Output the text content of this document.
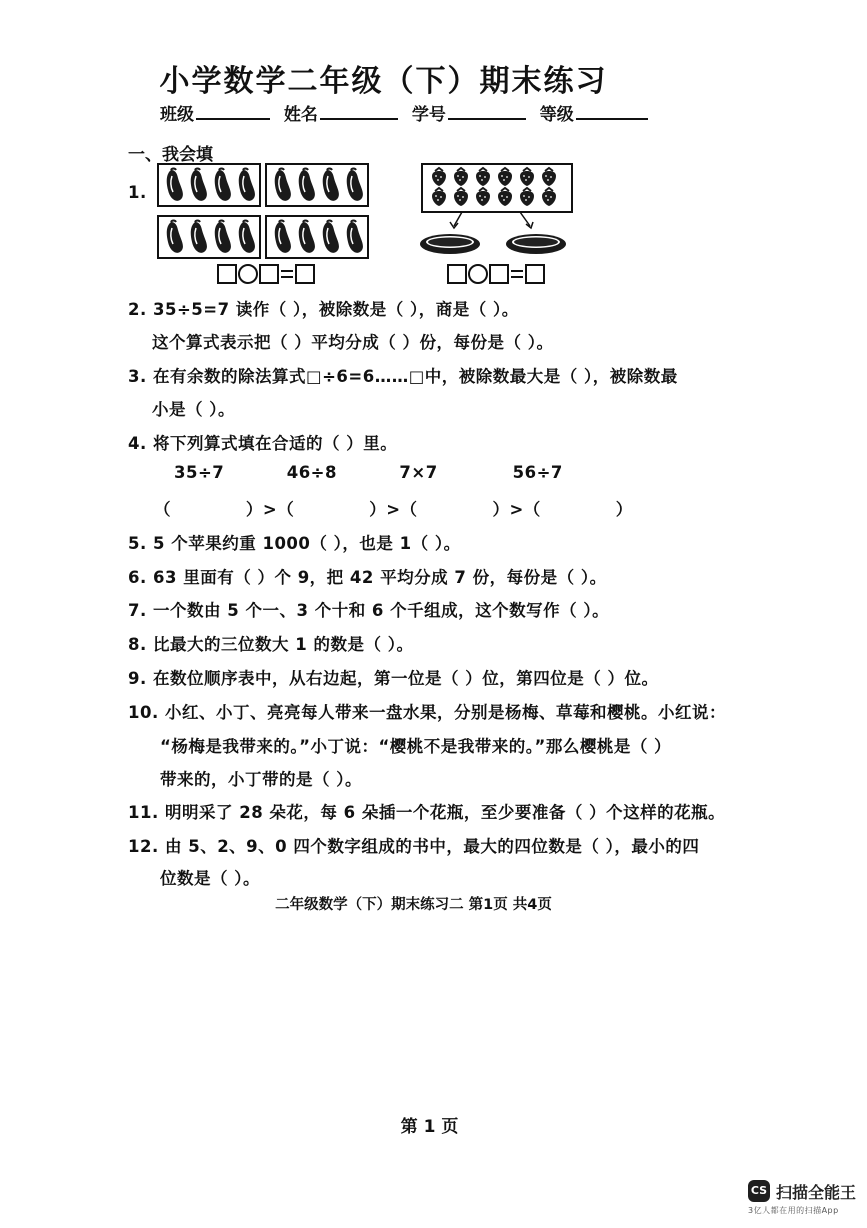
小学数学二年级（下）期末练习
班级	姓名	学号	等级
一、我会填
1.
2. 35÷5=7 读作（ ），被除数是（ ），商是（ ）。
这个算式表示把（ ）平均分成（ ）份，每份是（ ）。
3. 在有余数的除法算式□÷6=6……□中，被除数最大是（ ），被除数最
小是（ ）。
4. 将下列算式填在合适的（ ）里。
35÷7          46÷8          7×7            56÷7
（            ）>（            ）>（            ）>（            ）
5. 5 个苹果约重 1000（ ），也是 1（ ）。
6. 63 里面有（ ）个 9，把 42 平均分成 7 份，每份是（ ）。
7. 一个数由 5 个一、3 个十和 6 个千组成，这个数写作（ ）。
8. 比最大的三位数大 1 的数是（ ）。
9. 在数位顺序表中，从右边起，第一位是（ ）位，第四位是（ ）位。
10. 小红、小丁、亮亮每人带来一盘水果，分别是杨梅、草莓和樱桃。小红说：
“杨梅是我带来的。”小丁说：“樱桃不是我带来的。”那么樱桃是（ ）
带来的，小丁带的是（ ）。
11. 明明采了 28 朵花，每 6 朵插一个花瓶，至少要准备（ ）个这样的花瓶。
12. 由 5、2、9、0 四个数字组成的书中，最大的四位数是（ ），最小的四
位数是（ ）。
二年级数学（下）期末练习二 第1页 共4页
第 1 页
CS 扫描全能王
3亿人都在用的扫描App
